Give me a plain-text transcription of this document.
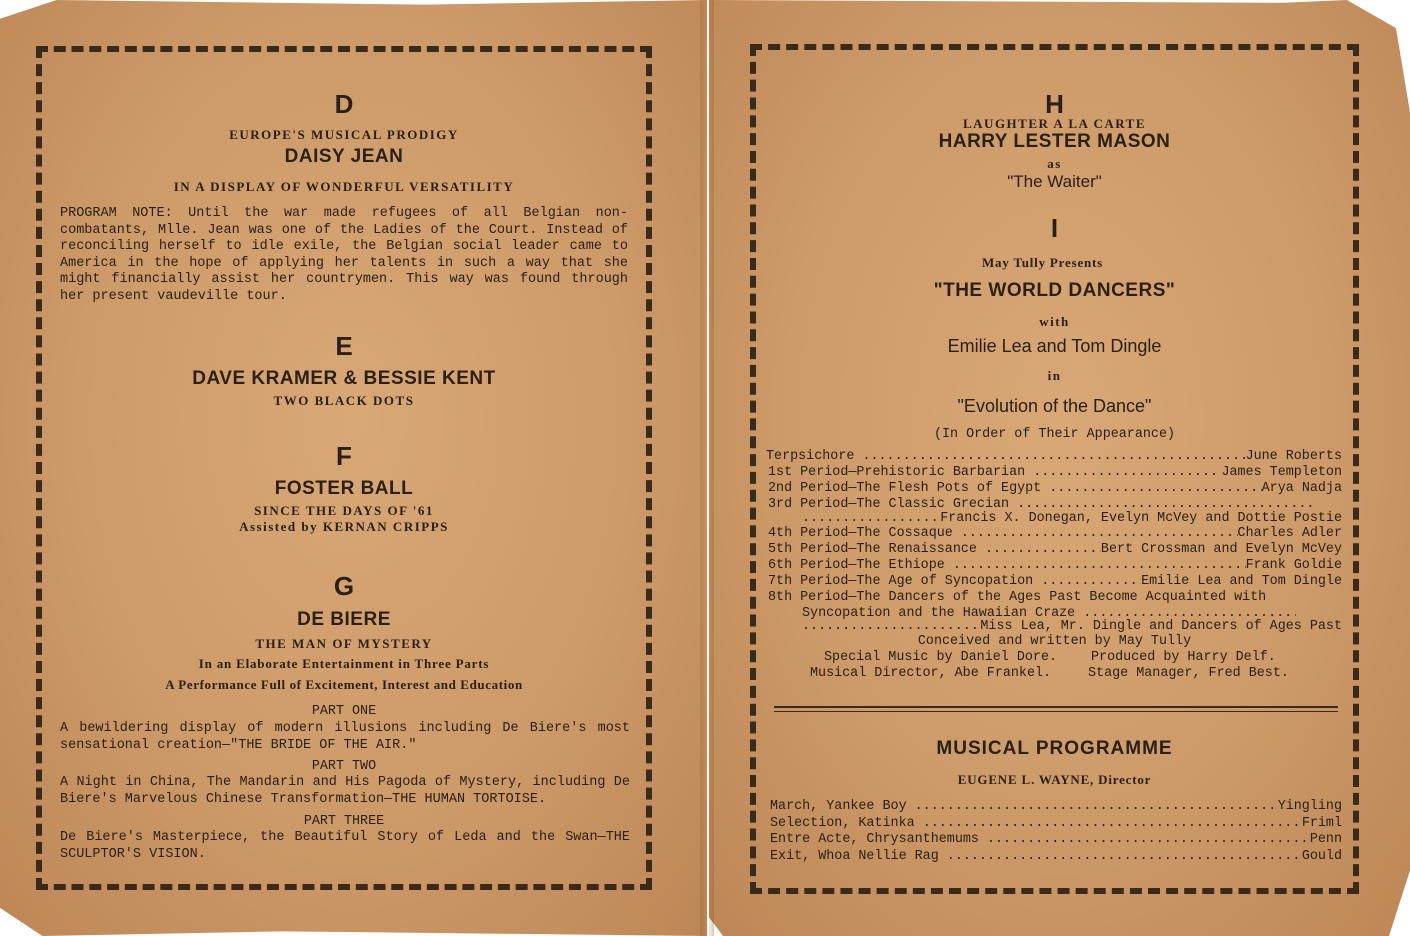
D
EUROPE'S MUSICAL PRODIGY
DAISY JEAN
IN A DISPLAY OF WONDERFUL VERSATILITY
PROGRAM NOTE: Until the war made refugees of all Belgian non-combatants, Mlle. Jean was one of the Ladies of the Court. Instead of reconciling herself to idle exile, the Belgian social leader came to America in the hope of applying her talents in such a way that she might financially assist her countrymen. This way was found through her present vaudeville tour.
E
DAVE KRAMER & BESSIE KENT
TWO BLACK DOTS
F
FOSTER BALL
SINCE THE DAYS OF '61
Assisted by KERNAN CRIPPS
G
DE BIERE
THE MAN OF MYSTERY
In an Elaborate Entertainment in Three Parts
A Performance Full of Excitement, Interest and Education
PART ONE
A bewildering display of modern illusions including De Biere's most sensational creation—"THE BRIDE OF THE AIR."
PART TWO
A Night in China, The Mandarin and His Pagoda of Mystery, including De Biere's Marvelous Chinese Transformation—THE HUMAN TORTOISE.
PART THREE
De Biere's Masterpiece, the Beautiful Story of Leda and the Swan—THE SCULPTOR'S VISION.
H
LAUGHTER A LA CARTE
HARRY LESTER MASON
as
"The Waiter"
I
May Tully Presents
"THE WORLD DANCERS"
with
Emilie Lea and Tom Dingle
in
"Evolution of the Dance"
(In Order of Their Appearance)
Terpsichore .....	June Roberts
1st Period—Prehistoric Barbarian .....	James Templeton
2nd Period—The Flesh Pots of Egypt .....	Arya Nadja
3rd Period—The Classic Grecian .....
.....
Francis X. Donegan, Evelyn McVey and Dottie Postie
4th Period—The Cossaque .....	Charles Adler
5th Period—The Renaissance .....	Bert Crossman and Evelyn McVey
6th Period—The Ethiope .....	Frank Goldie
7th Period—The Age of Syncopation .....	Emilie Lea and Tom Dingle
8th Period—The Dancers of the Ages Past Become Acquainted with
Syncopation and the Hawaiian Craze .....
.....
Miss Lea, Mr. Dingle and Dancers of Ages Past
Conceived and written by May Tully
Special Music by Daniel Dore.	Produced by Harry Delf.
Musical Director, Abe Frankel.	Stage Manager, Fred Best.
MUSICAL PROGRAMME
EUGENE L. WAYNE, Director
March, Yankee Boy .....	Yingling
Selection, Katinka .....	Friml
Entre Acte, Chrysanthemums .....	Penn
Exit, Whoa Nellie Rag .....	Gould
